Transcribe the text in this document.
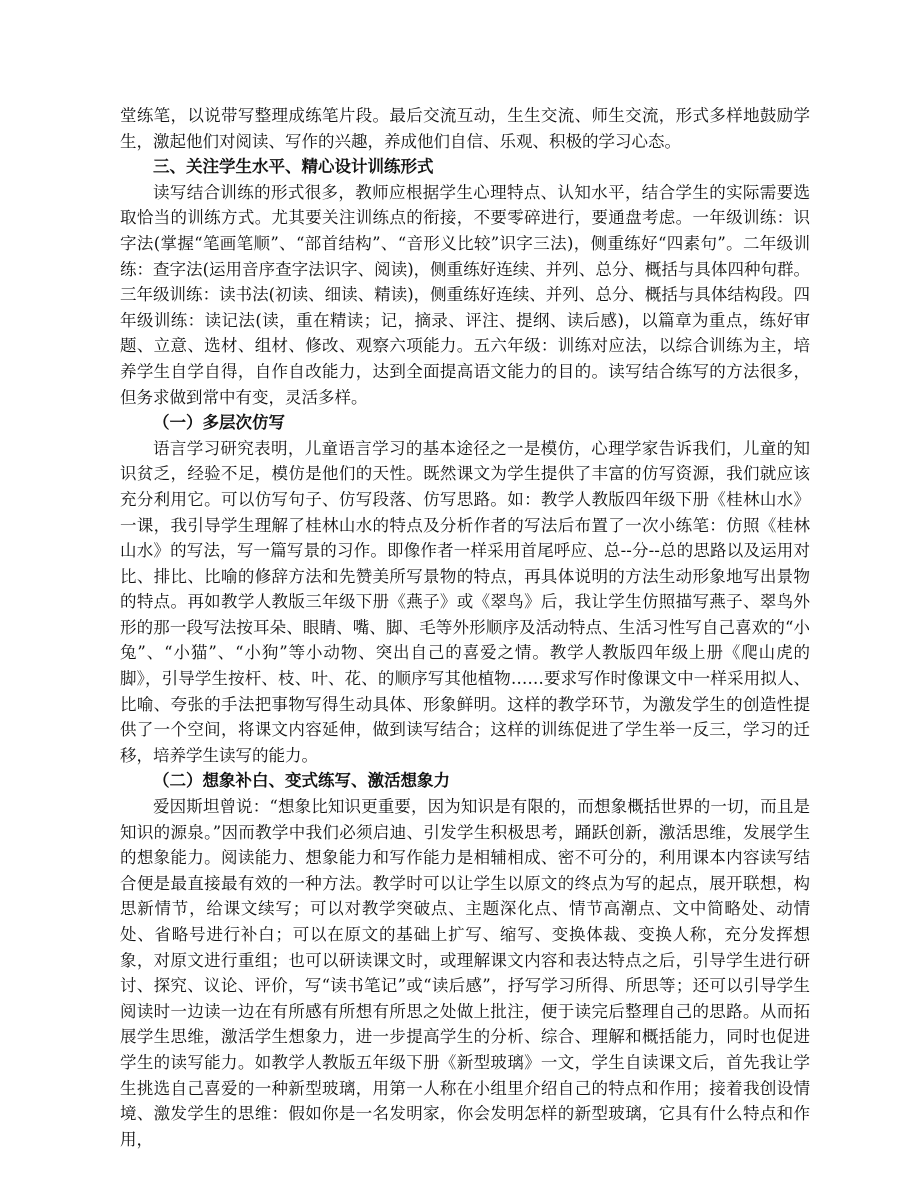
堂练笔，以说带写整理成练笔片段。最后交流互动，生生交流、师生交流，形式多样地鼓励学生，激起他们对阅读、写作的兴趣，养成他们自信、乐观、积极的学习心态。

三、关注学生水平、精心设计训练形式

读写结合训练的形式很多，教师应根据学生心理特点、认知水平，结合学生的实际需要选取恰当的训练方式。尤其要关注训练点的衔接，不要零碎进行，要通盘考虑。一年级训练：识字法(掌握“笔画笔顺”、“部首结构”、“音形义比较”识字三法)，侧重练好“四素句”。二年级训练：查字法(运用音序查字法识字、阅读)，侧重练好连续、并列、总分、概括与具体四种句群。三年级训练：读书法(初读、细读、精读)，侧重练好连续、并列、总分、概括与具体结构段。四年级训练：读记法(读，重在精读；记，摘录、评注、提纲、读后感)，以篇章为重点，练好审题、立意、选材、组材、修改、观察六项能力。五六年级：训练对应法，以综合训练为主，培养学生自学自得，自作自改能力，达到全面提高语文能力的目的。读写结合练写的方法很多，但务求做到常中有变，灵活多样。

（一）多层次仿写

语言学习研究表明，儿童语言学习的基本途径之一是模仿，心理学家告诉我们，儿童的知识贫乏，经验不足，模仿是他们的天性。既然课文为学生提供了丰富的仿写资源，我们就应该充分利用它。可以仿写句子、仿写段落、仿写思路。如：教学人教版四年级下册《桂林山水》一课，我引导学生理解了桂林山水的特点及分析作者的写法后布置了一次小练笔：仿照《桂林山水》的写法，写一篇写景的习作。即像作者一样采用首尾呼应、总--分--总的思路以及运用对比、排比、比喻的修辞方法和先赞美所写景物的特点，再具体说明的方法生动形象地写出景物的特点。再如教学人教版三年级下册《燕子》或《翠鸟》后，我让学生仿照描写燕子、翠鸟外形的那一段写法按耳朵、眼睛、嘴、脚、毛等外形顺序及活动特点、生活习性写自己喜欢的“小兔”、“小猫”、“小狗”等小动物、突出自己的喜爱之情。教学人教版四年级上册《爬山虎的脚》，引导学生按杆、枝、叶、花、的顺序写其他植物……要求写作时像课文中一样采用拟人、比喻、夸张的手法把事物写得生动具体、形象鲜明。这样的教学环节，为激发学生的创造性提供了一个空间，将课文内容延伸，做到读写结合；这样的训练促进了学生举一反三，学习的迁移，培养学生读写的能力。

（二）想象补白、变式练写、激活想象力

爱因斯坦曾说：“想象比知识更重要，因为知识是有限的，而想象概括世界的一切，而且是知识的源泉。”因而教学中我们必须启迪、引发学生积极思考，踊跃创新，激活思维，发展学生的想象能力。阅读能力、想象能力和写作能力是相辅相成、密不可分的，利用课本内容读写结合便是最直接最有效的一种方法。教学时可以让学生以原文的终点为写的起点，展开联想，构思新情节，给课文续写；可以对教学突破点、主题深化点、情节高潮点、文中简略处、动情处、省略号进行补白；可以在原文的基础上扩写、缩写、变换体裁、变换人称，充分发挥想象，对原文进行重组；也可以研读课文时，或理解课文内容和表达特点之后，引导学生进行研讨、探究、议论、评价，写“读书笔记”或“读后感”，抒写学习所得、所思等；还可以引导学生阅读时一边读一边在有所感有所想有所思之处做上批注，便于读完后整理自己的思路。从而拓展学生思维，激活学生想象力，进一步提高学生的分析、综合、理解和概括能力，同时也促进学生的读写能力。如教学人教版五年级下册《新型玻璃》一文，学生自读课文后，首先我让学生挑选自己喜爱的一种新型玻璃，用第一人称在小组里介绍自己的特点和作用；接着我创设情境、激发学生的思维：假如你是一名发明家，你会发明怎样的新型玻璃，它具有什么特点和作用，
